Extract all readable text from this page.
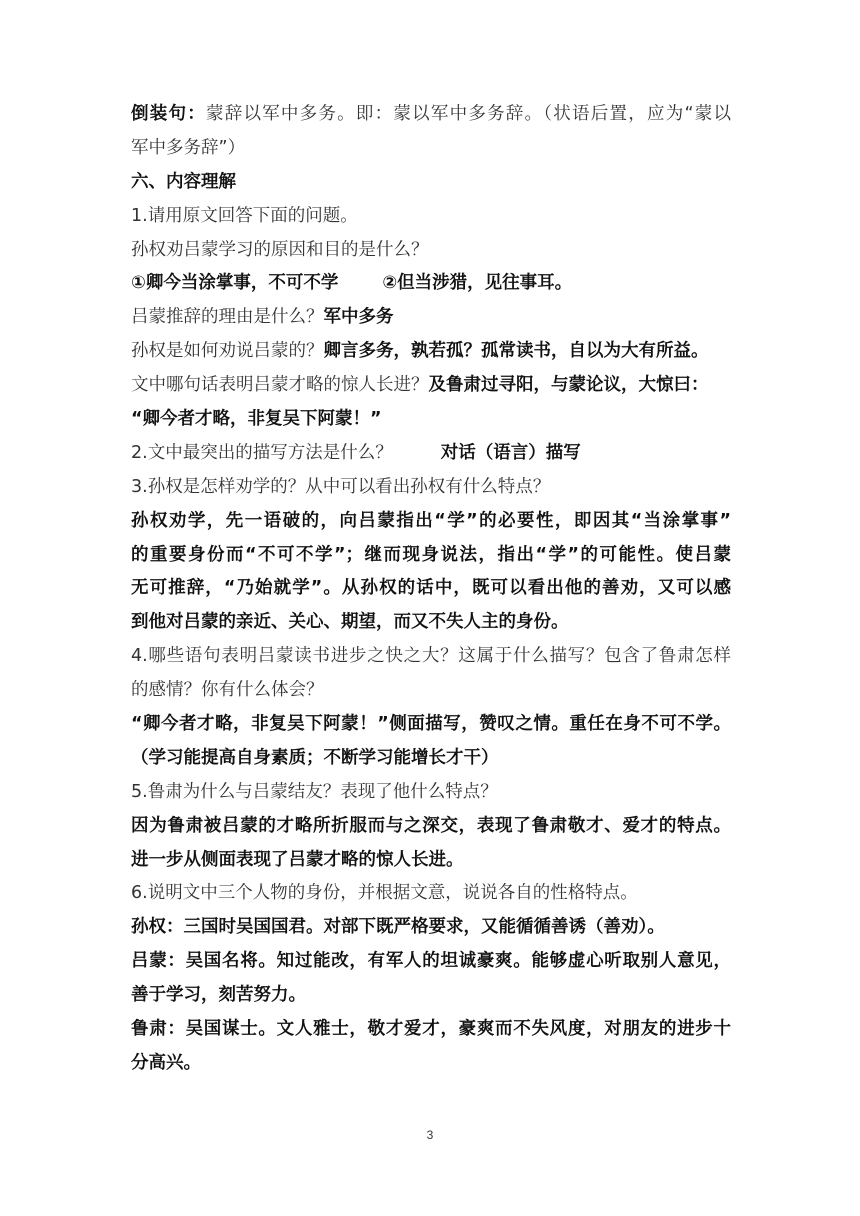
倒装句：蒙辞以军中多务。即：蒙以军中多务辞。（状语后置，应为“蒙以
军中多务辞”）
六、内容理解
1.请用原文回答下面的问题。
孙权劝吕蒙学习的原因和目的是什么？
①卿今当涂掌事，不可不学	②但当涉猎，见往事耳。
吕蒙推辞的理由是什么？军中多务
孙权是如何劝说吕蒙的？卿言多务，孰若孤？孤常读书，自以为大有所益。
文中哪句话表明吕蒙才略的惊人长进？及鲁肃过寻阳，与蒙论议，大惊曰：
“卿今者才略，非复吴下阿蒙！”
2.文中最突出的描写方法是什么？	对话（语言）描写
3.孙权是怎样劝学的？从中可以看出孙权有什么特点？
孙权劝学，先一语破的，向吕蒙指出“学”的必要性，即因其“当涂掌事”
的重要身份而“不可不学”；继而现身说法，指出“学”的可能性。使吕蒙
无可推辞，“乃始就学”。从孙权的话中，既可以看出他的善劝，又可以感
到他对吕蒙的亲近、关心、期望，而又不失人主的身份。
4.哪些语句表明吕蒙读书进步之快之大？这属于什么描写？包含了鲁肃怎样
的感情？你有什么体会？
“卿今者才略，非复吴下阿蒙！”侧面描写，赞叹之情。重任在身不可不学。
（学习能提高自身素质；不断学习能增长才干）
5.鲁肃为什么与吕蒙结友？表现了他什么特点？
因为鲁肃被吕蒙的才略所折服而与之深交，表现了鲁肃敬才、爱才的特点。
进一步从侧面表现了吕蒙才略的惊人长进。
6.说明文中三个人物的身份，并根据文意，说说各自的性格特点。
孙权：三国时吴国国君。对部下既严格要求，又能循循善诱（善劝）。
吕蒙：吴国名将。知过能改，有军人的坦诚豪爽。能够虚心听取别人意见，
善于学习，刻苦努力。
鲁肃：吴国谋士。文人雅士，敬才爱才，豪爽而不失风度，对朋友的进步十
分高兴。
3
